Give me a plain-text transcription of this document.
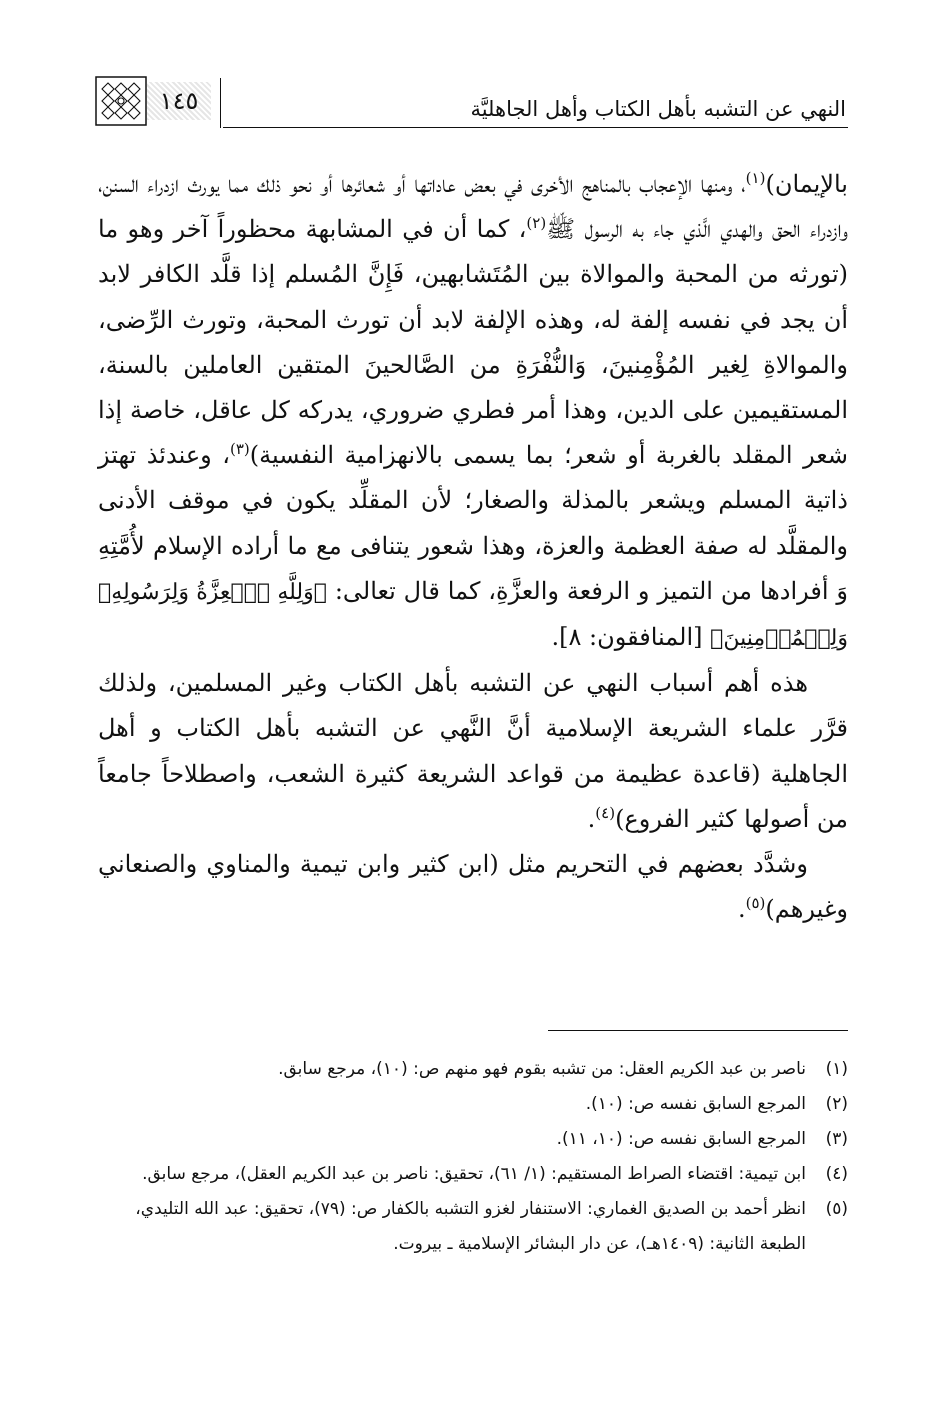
النهي عن التشبه بأهل الكتاب وأهل الجاهليَّة
١٤٥

بالإيمان)$^{(١)}$، ومنها الإعجاب بالمناهج الأخرى في بعض عاداتها أو شعائرها أو نحو ذلك مما يورث ازدراء السنن، وازدراء الحق والهدي الَّذي جاء به الرسول ﷺ$^{(٢)}$، كما أن في المشابهة محظوراً آخر وهو ما (تورثه من المحبة والموالاة بين المُتَشابهين، فَإِنَّ المُسلم إذا قلَّد الكافر لابد أن يجد في نفسه إلفة له، وهذه الإلفة لابد أن تورث المحبة، وتورث الرِّضى، والموالاةِ لِغير المُؤْمِنينَ، وَالنُّفْرَةِ من الصَّالحينَ المتقين العاملين بالسنة، المستقيمين على الدين، وهذا أمر فطري ضروري، يدركه كل عاقل، خاصة إذا شعر المقلد بالغربة أو شعر؛ بما يسمى بالانهزامية النفسية)$^{(٣)}$، وعندئذ تهتز ذاتية المسلم ويشعر بالمذلة والصغار؛ لأن المقلِّد يكون في موقف الأدنى والمقلَّد له صفة العظمة والعزة، وهذا شعور يتنافى مع ما أراده الإسلام لأُمَّتِهِ وَ أفرادها من التميز و الرفعة والعزَّةِ، كما قال تعالى: ﴿وَلِلَّهِ ٱلۡعِزَّةُ وَلِرَسُولِهِۦ وَلِلۡمُؤۡمِنِينَ﴾ [المنافقون: ٨].

هذه أهم أسباب النهي عن التشبه بأهل الكتاب وغير المسلمين، ولذلك قرَّر علماء الشريعة الإسلامية أنَّ النَّهي عن التشبه بأهل الكتاب و أهل الجاهلية (قاعدة عظيمة من قواعد الشريعة كثيرة الشعب، واصطلاحاً جامعاً من أصولها كثير الفروع)$^{(٤)}$.

وشدَّد بعضهم في التحريم مثل (ابن كثير وابن تيمية والمناوي والصنعاني وغيرهم)$^{(٥)}$.

(١)
ناصر بن عبد الكريم العقل: من تشبه بقوم فهو منهم ص: (١٠)، مرجع سابق.
(٢)
المرجع السابق نفسه ص: (١٠).
(٣)
المرجع السابق نفسه ص: (١٠، ١١).
(٤)
ابن تيمية: اقتضاء الصراط المستقيم: (١/ ٦١)، تحقيق: ناصر بن عبد الكريم العقل)، مرجع سابق.
(٥)
انظر أحمد بن الصديق الغماري: الاستنفار لغزو التشبه بالكفار ص: (٧٩)، تحقيق: عبد الله التليدي، الطبعة الثانية: (١٤٠٩هـ)، عن دار البشائر الإسلامية ـ بيروت.
